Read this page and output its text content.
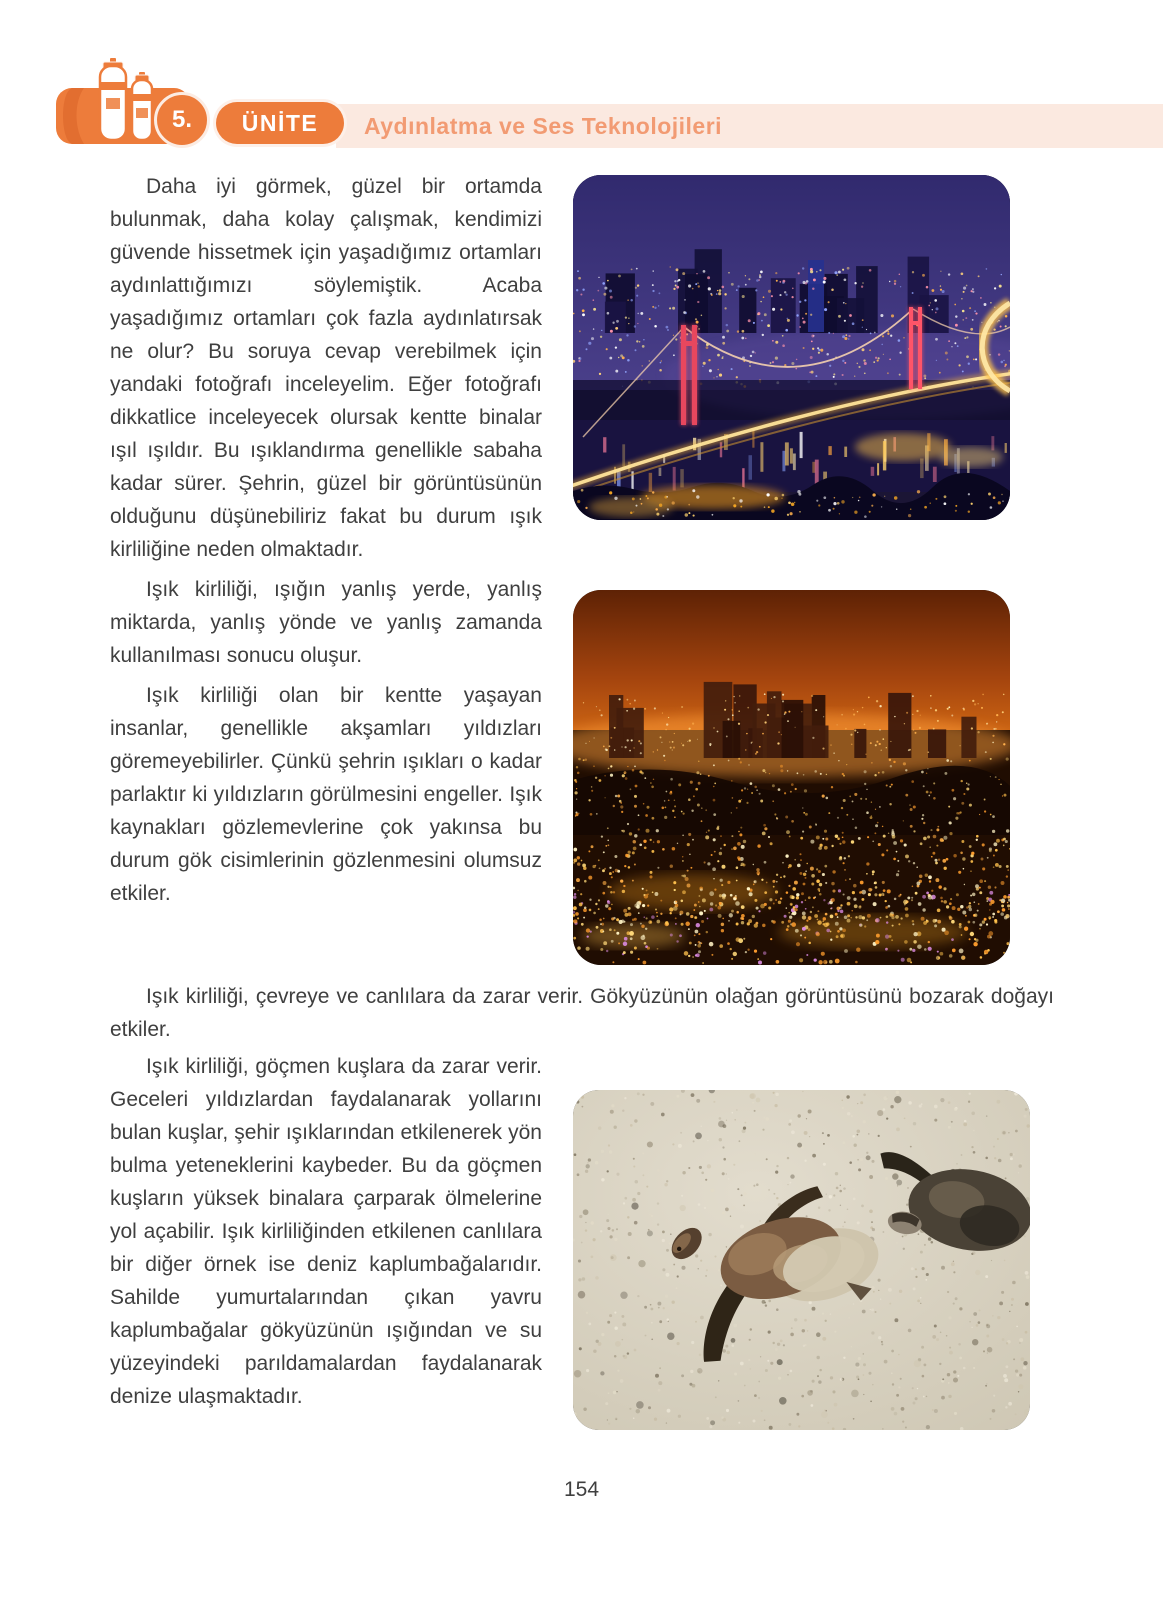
Aydınlatma ve Ses Teknolojileri
5. ÜNİTE

Daha iyi görmek, güzel bir ortamda bulunmak, daha kolay çalışmak, kendimizi güvende hissetmek için yaşadığımız ortamları aydınlattığımızı söylemiştik. Acaba yaşadığımız ortamları çok fazla aydınlatırsak ne olur? Bu soruya cevap verebilmek için yandaki fotoğrafı inceleyelim. Eğer fotoğrafı dikkatlice inceleyecek olursak kentte binalar ışıl ışıldır. Bu ışıklandırma genellikle sabaha kadar sürer. Şehrin, güzel bir görüntüsünün olduğunu düşünebiliriz fakat bu durum ışık kirliliğine neden olmaktadır.

Işık kirliliği, ışığın yanlış yerde, yanlış miktarda, yanlış yönde ve yanlış zamanda kullanılması sonucu oluşur.

Işık kirliliği olan bir kentte yaşayan insanlar, genellikle akşamları yıldızları göremeyebilirler. Çünkü şehrin ışıkları o kadar parlaktır ki yıldızların görülmesini engeller. Işık kaynakları gözlemevlerine çok yakınsa bu durum gök cisimlerinin gözlenmesini olumsuz etkiler.

Işık kirliliği, çevreye ve canlılara da zarar verir. Gökyüzünün olağan görüntüsünü bozarak doğayı etkiler.

Işık kirliliği, göçmen kuşlara da zarar verir. Geceleri yıldızlardan faydalanarak yollarını bulan kuşlar, şehir ışıklarından etkilenerek yön bulma yeteneklerini kaybeder. Bu da göçmen kuşların yüksek binalara çarparak ölmelerine yol açabilir. Işık kirliliğinden etkilenen canlılara bir diğer örnek ise deniz kaplumbağalarıdır. Sahilde yumurtalarından çıkan yavru kaplumbağalar gökyüzünün ışığından ve su yüzeyindeki parıldamalardan faydalanarak denize ulaşmaktadır.

154
